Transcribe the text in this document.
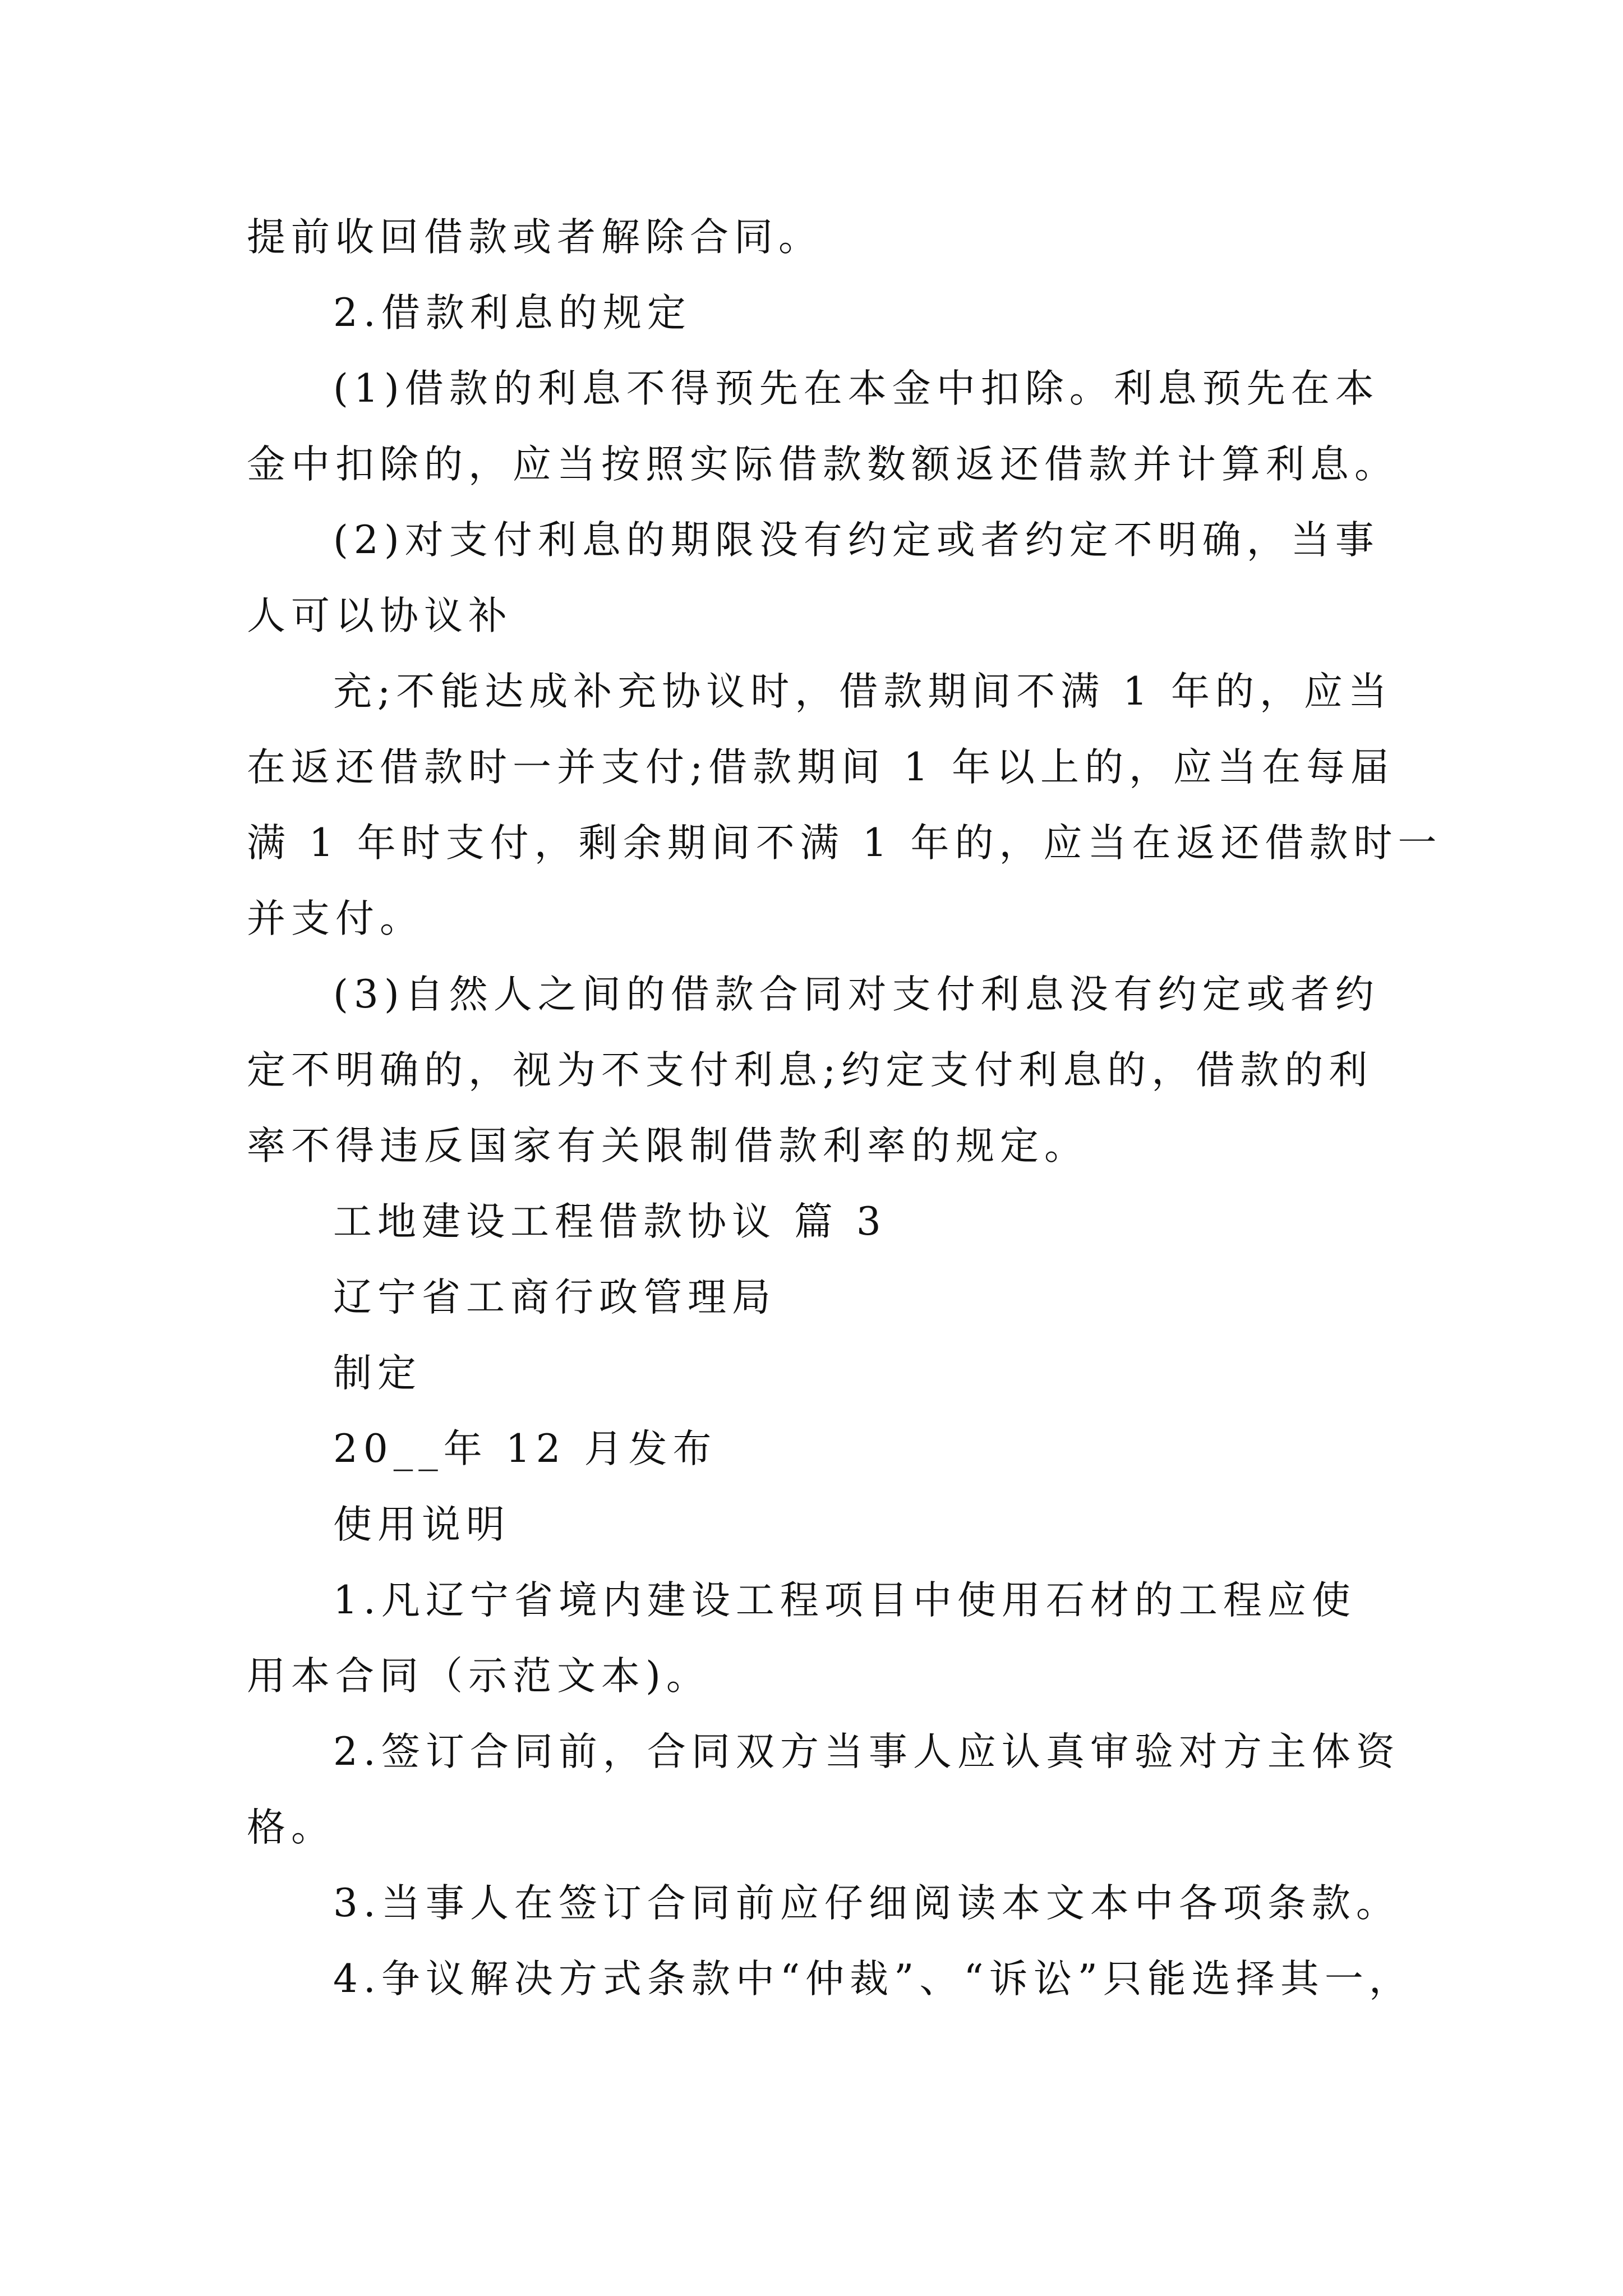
提前收回借款或者解除合同。
2.借款利息的规定
(1)借款的利息不得预先在本金中扣除。利息预先在本
金中扣除的，应当按照实际借款数额返还借款并计算利息。
(2)对支付利息的期限没有约定或者约定不明确，当事
人可以协议补
充;不能达成补充协议时，借款期间不满 1 年的，应当
在返还借款时一并支付;借款期间 1 年以上的，应当在每届
满 1 年时支付，剩余期间不满 1 年的，应当在返还借款时一
并支付。
(3)自然人之间的借款合同对支付利息没有约定或者约
定不明确的，视为不支付利息;约定支付利息的，借款的利
率不得违反国家有关限制借款利率的规定。
工地建设工程借款协议 篇 3
辽宁省工商行政管理局
制定
20__年 12 月发布
使用说明
1.凡辽宁省境内建设工程项目中使用石材的工程应使
用本合同（示范文本)。
2.签订合同前，合同双方当事人应认真审验对方主体资
格。
3.当事人在签订合同前应仔细阅读本文本中各项条款。
4.争议解决方式条款中“仲裁”、“诉讼”只能选择其一，
